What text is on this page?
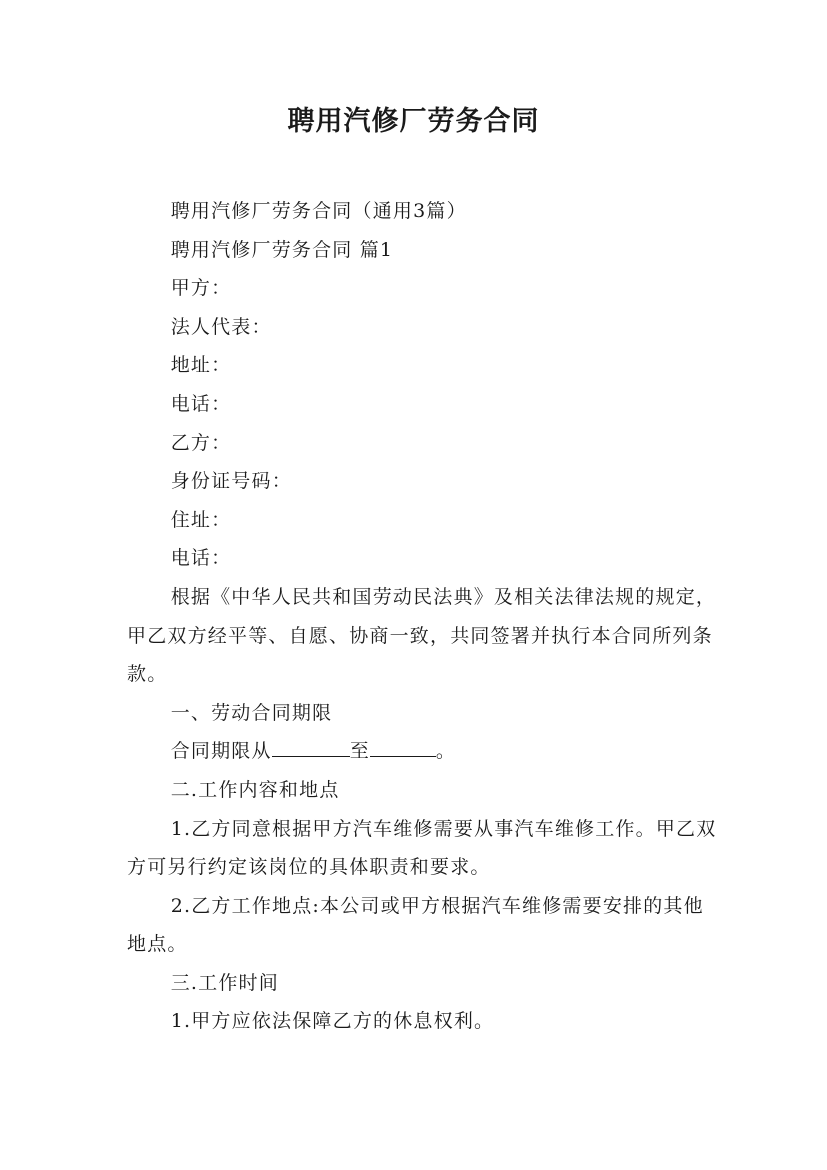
聘用汽修厂劳务合同

聘用汽修厂劳务合同（通用3篇）

聘用汽修厂劳务合同 篇1

甲方：

法人代表：

地址：

电话：

乙方：

身份证号码：

住址：

电话：

根据《中华人民共和国劳动民法典》及相关法律法规的规定，甲乙双方经平等、自愿、协商一致，共同签署并执行本合同所列条款。

一、劳动合同期限

合同期限从	至	。

二.工作内容和地点

1.乙方同意根据甲方汽车维修需要从事汽车维修工作。甲乙双方可另行约定该岗位的具体职责和要求。

2.乙方工作地点:本公司或甲方根据汽车维修需要安排的其他地点。

三.工作时间

1.甲方应依法保障乙方的休息权利。
